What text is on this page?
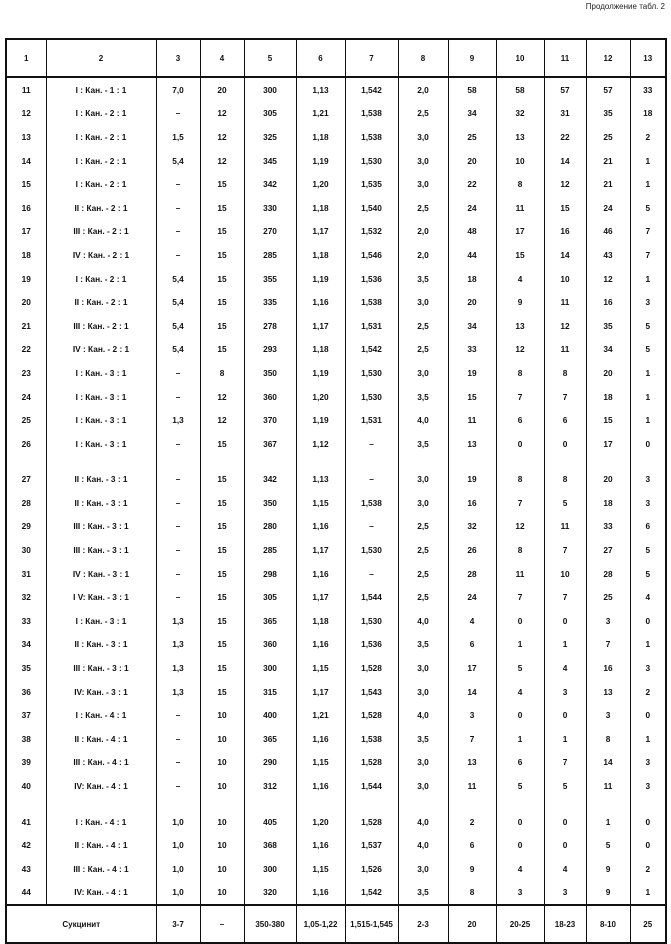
Продолжение табл. 2
1	2	3	4	5	6	7	8	9	10	11	12	13
11	I : Кан. - 1 : 1	7,0	20	300	1,13	1,542	2,0	58	58	57	57	33
12	I : Кан. - 2 : 1	–	12	305	1,21	1,538	2,5	34	32	31	35	18
13	I : Кан. - 2 : 1	1,5	12	325	1,18	1,538	3,0	25	13	22	25	2
14	I : Кан. - 2 : 1	5,4	12	345	1,19	1,530	3,0	20	10	14	21	1
15	I : Кан. - 2 : 1	–	15	342	1,20	1,535	3,0	22	8	12	21	1
16	II : Кан. - 2 : 1	–	15	330	1,18	1,540	2,5	24	11	15	24	5
17	III : Кан. - 2 : 1	–	15	270	1,17	1,532	2,0	48	17	16	46	7
18	IV : Кан. - 2 : 1	–	15	285	1,18	1,546	2,0	44	15	14	43	7
19	I : Кан. - 2 : 1	5,4	15	355	1,19	1,536	3,5	18	4	10	12	1
20	II : Кан. - 2 : 1	5,4	15	335	1,16	1,538	3,0	20	9	11	16	3
21	III : Кан. - 2 : 1	5,4	15	278	1,17	1,531	2,5	34	13	12	35	5
22	IV : Кан. - 2 : 1	5,4	15	293	1,18	1,542	2,5	33	12	11	34	5
23	I : Кан. - 3 : 1	–	8	350	1,19	1,530	3,0	19	8	8	20	1
24	I : Кан. - 3 : 1	–	12	360	1,20	1,530	3,5	15	7	7	18	1
25	I : Кан. - 3 : 1	1,3	12	370	1,19	1,531	4,0	11	6	6	15	1
26	I : Кан. - 3 : 1	–	15	367	1,12	–	3,5	13	0	0	17	0

27	II : Кан. - 3 : 1	–	15	342	1,13	–	3,0	19	8	8	20	3
28	II : Кан. - 3 : 1	–	15	350	1,15	1,538	3,0	16	7	5	18	3
29	III : Кан. - 3 : 1	–	15	280	1,16	–	2,5	32	12	11	33	6
30	III : Кан. - 3 : 1	–	15	285	1,17	1,530	2,5	26	8	7	27	5
31	IV : Кан. - 3 : 1	–	15	298	1,16	–	2,5	28	11	10	28	5
32	I V: Кан. - 3 : 1	–	15	305	1,17	1,544	2,5	24	7	7	25	4
33	I : Кан. - 3 : 1	1,3	15	365	1,18	1,530	4,0	4	0	0	3	0
34	II : Кан. - 3 : 1	1,3	15	360	1,16	1,536	3,5	6	1	1	7	1
35	III : Кан. - 3 : 1	1,3	15	300	1,15	1,528	3,0	17	5	4	16	3
36	IV: Кан. - 3 : 1	1,3	15	315	1,17	1,543	3,0	14	4	3	13	2
37	I : Кан. - 4 : 1	–	10	400	1,21	1,528	4,0	3	0	0	3	0
38	II : Кан. - 4 : 1	–	10	365	1,16	1,538	3,5	7	1	1	8	1
39	III : Кан. - 4 : 1	–	10	290	1,15	1,528	3,0	13	6	7	14	3
40	IV: Кан. - 4 : 1	–	10	312	1,16	1,544	3,0	11	5	5	11	3

41	I : Кан. - 4 : 1	1,0	10	405	1,20	1,528	4,0	2	0	0	1	0
42	II : Кан. - 4 : 1	1,0	10	368	1,16	1,537	4,0	6	0	0	5	0
43	III : Кан. - 4 : 1	1,0	10	300	1,15	1,526	3,0	9	4	4	9	2
44	IV: Кан. - 4 : 1	1,0	10	320	1,16	1,542	3,5	8	3	3	9	1
Сукцинит		3-7	–	350-380	1,05-1,22	1,515-1,545	2-3	20	20-25	18-23	8-10	25
